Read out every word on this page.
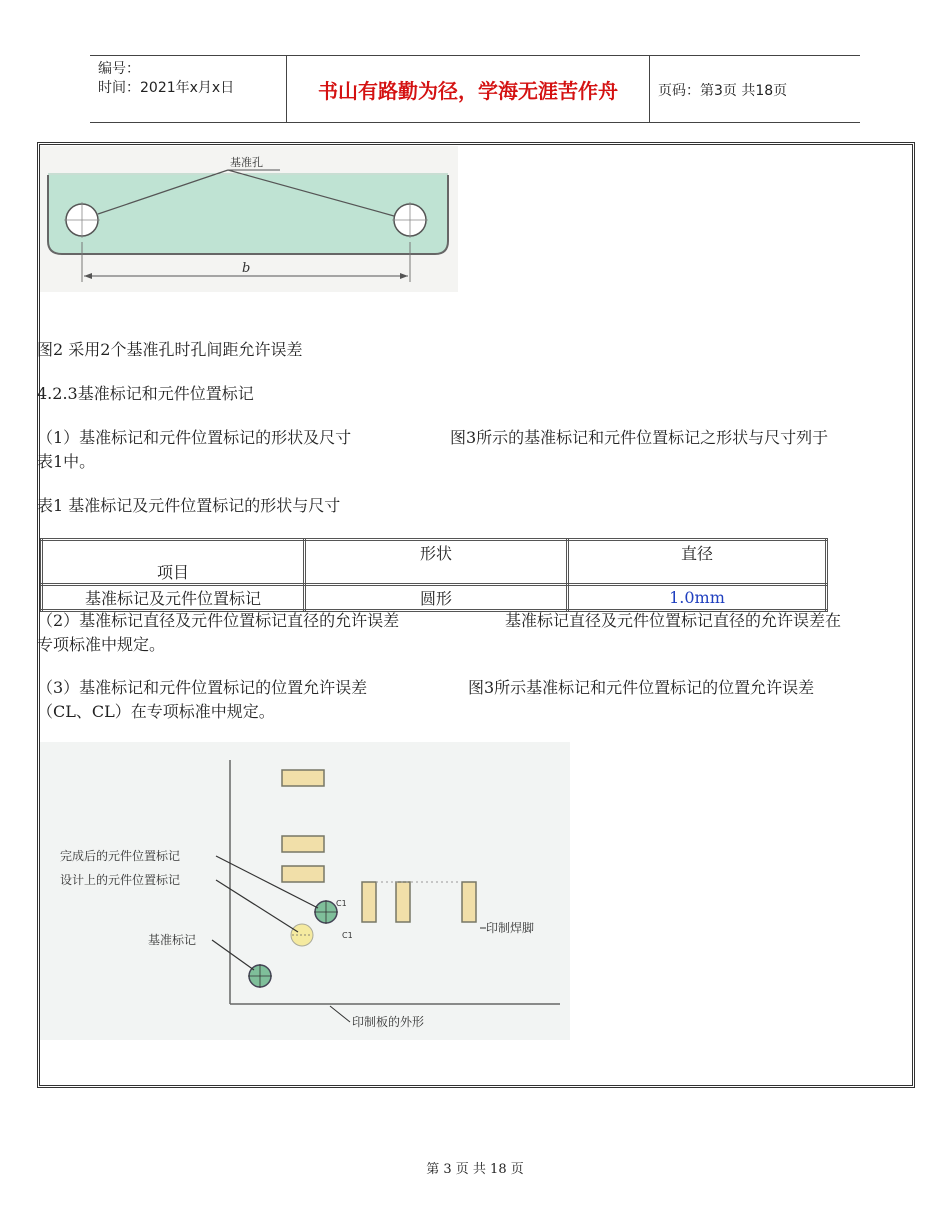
编号：
时间：2021年x月x日	书山有路勤为径，学海无涯苦作舟	页码：第3页 共18页
基准孔
b
图2 采用2个基准孔时孔间距允许误差
4.2.3基准标记和元件位置标记
（1）基准标记和元件位置标记的形状及尺寸	图3所示的基准标记和元件位置标记之形状与尺寸列于
表1中。
表1 基准标记及元件位置标记的形状与尺寸
项目	形状	直径
基准标记及元件位置标记	圆形	1.0mm
（2）基准标记直径及元件位置标记直径的允许误差	基准标记直径及元件位置标记直径的允许误差在
专项标准中规定。
（3）基准标记和元件位置标记的位置允许误差	图3所示基准标记和元件位置标记的位置允许误差
（CL、CL）在专项标准中规定。
C1
C1
完成后的元件位置标记
设计上的元件位置标记
基准标记
印制焊脚
印制板的外形
第 3 页 共 18 页
